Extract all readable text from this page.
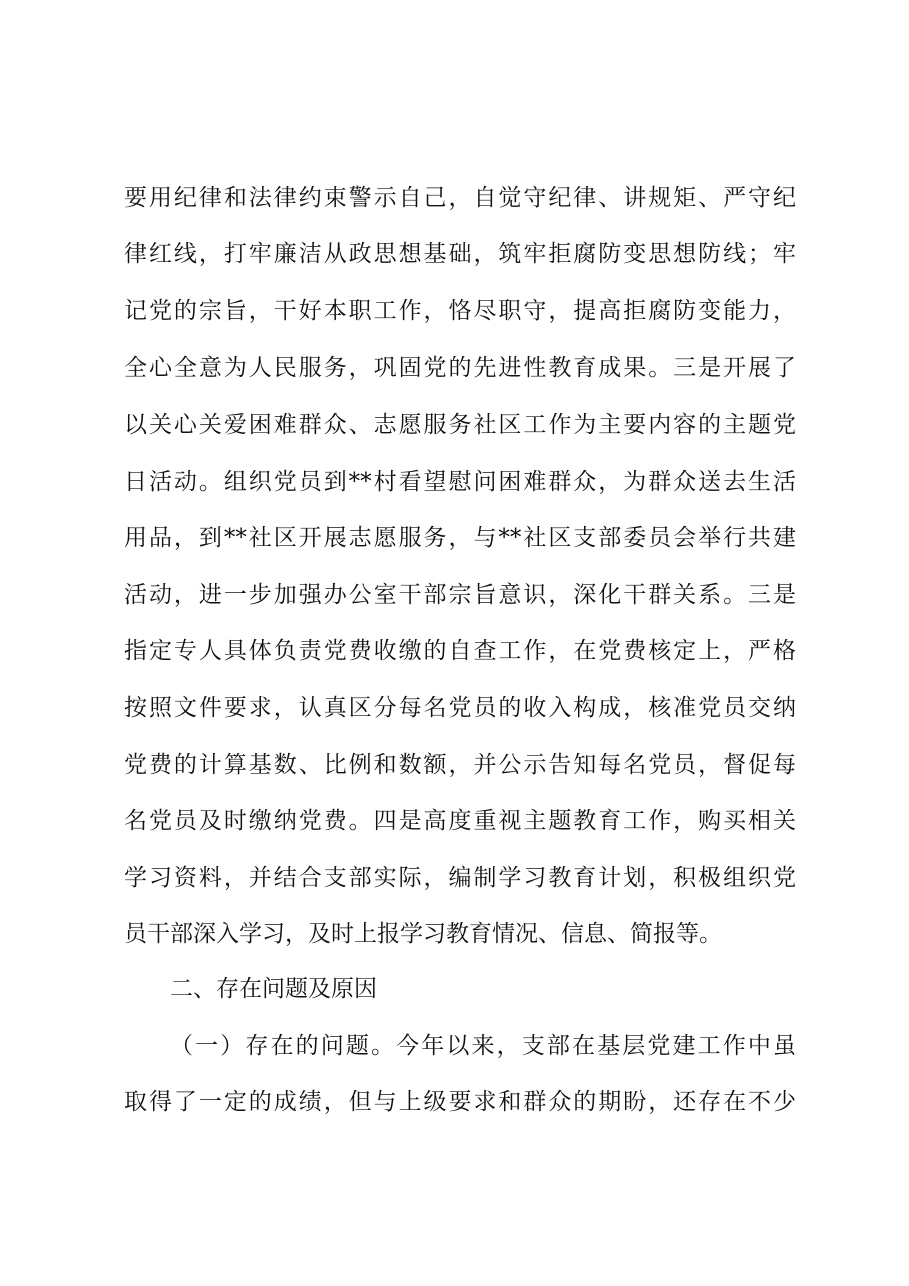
要用纪律和法律约束警示自己，自觉守纪律、讲规矩、严守纪
律红线，打牢廉洁从政思想基础，筑牢拒腐防变思想防线；牢
记党的宗旨，干好本职工作，恪尽职守，提高拒腐防变能力，
全心全意为人民服务，巩固党的先进性教育成果。三是开展了
以关心关爱困难群众、志愿服务社区工作为主要内容的主题党
日活动。组织党员到**村看望慰问困难群众，为群众送去生活
用品，到**社区开展志愿服务，与**社区支部委员会举行共建
活动，进一步加强办公室干部宗旨意识，深化干群关系。三是
指定专人具体负责党费收缴的自查工作，在党费核定上，严格
按照文件要求，认真区分每名党员的收入构成，核准党员交纳
党费的计算基数、比例和数额，并公示告知每名党员，督促每
名党员及时缴纳党费。四是高度重视主题教育工作，购买相关
学习资料，并结合支部实际，编制学习教育计划，积极组织党
员干部深入学习，及时上报学习教育情况、信息、简报等。
二、存在问题及原因
（一）存在的问题。今年以来，支部在基层党建工作中虽
取得了一定的成绩，但与上级要求和群众的期盼，还存在不少
